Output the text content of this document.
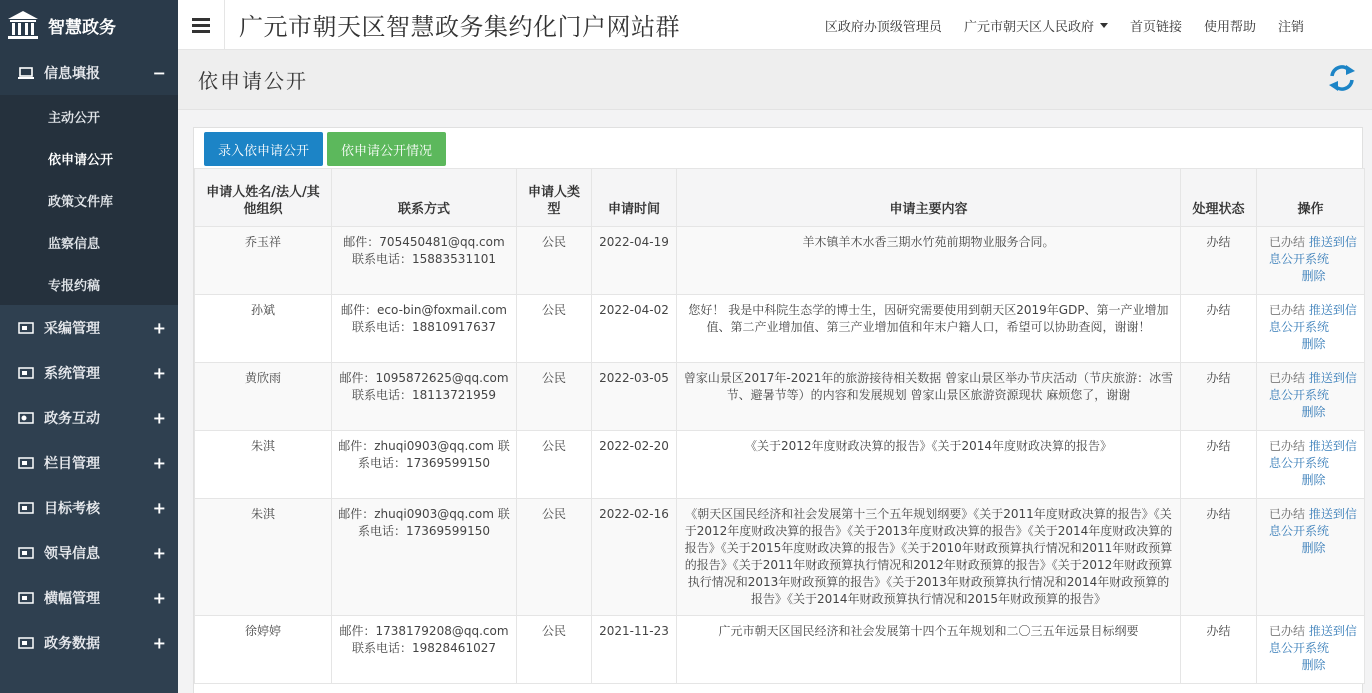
智慧政务
信息填报	−
主动公开
依申请公开
政策文件库
监察信息
专报约稿
采编管理	+
系统管理	+
政务互动	+
栏目管理	+
目标考核	+
领导信息	+
横幅管理	+
政务数据	+
广元市朝天区智慧政务集约化门户网站群	区政府办顶级管理员 广元市朝天区人民政府	首页链接 使用帮助 注销
依申请公开
录入依申请公开	依申请公开情况
申请人姓名/法人/其他组织	联系方式	申请人类型	申请时间	申请主要内容	处理状态	操作
乔玉祥	邮件：705450481@qq.com 联系电话：15883531101	公民	2022-04-19	羊木镇羊木水香三期水竹苑前期物业服务合同。	办结	已办结 推送到信息公开系统
删除

孙斌	邮件：eco-bin@foxmail.com 联系电话：18810917637	公民	2022-04-02	您好！ 我是中科院生态学的博士生，因研究需要使用到朝天区2019年GDP、第一产业增加值、第二产业增加值、第三产业增加值和年末户籍人口，希望可以协助查阅，谢谢！	办结	已办结 推送到信息公开系统
删除

黄欣雨	邮件：1095872625@qq.com 联系电话：18113721959	公民	2022-03-05	曾家山景区2017年-2021年的旅游接待相关数据 曾家山景区举办节庆活动（节庆旅游：冰雪节、避暑节等）的内容和发展规划 曾家山景区旅游资源现状 麻烦您了，谢谢	办结	已办结 推送到信息公开系统
删除

朱淇	邮件：zhuqi0903@qq.com 联系电话：17369599150	公民	2022-02-20	《关于2012年度财政决算的报告》《关于2014年度财政决算的报告》	办结	已办结 推送到信息公开系统
删除

朱淇	邮件：zhuqi0903@qq.com 联系电话：17369599150	公民	2022-02-16	《朝天区国民经济和社会发展第十三个五年规划纲要》《关于2011年度财政决算的报告》《关于2012年度财政决算的报告》《关于2013年度财政决算的报告》《关于2014年度财政决算的报告》《关于2015年度财政决算的报告》《关于2010年财政预算执行情况和2011年财政预算的报告》《关于2011年财政预算执行情况和2012年财政预算的报告》《关于2012年财政预算执行情况和2013年财政预算的报告》《关于2013年财政预算执行情况和2014年财政预算的报告》《关于2014年财政预算执行情况和2015年财政预算的报告》	办结	已办结 推送到信息公开系统
删除

徐婷婷	邮件：1738179208@qq.com 联系电话：19828461027	公民	2021-11-23	广元市朝天区国民经济和社会发展第十四个五年规划和二〇三五年远景目标纲要	办结	已办结 推送到信息公开系统
删除
